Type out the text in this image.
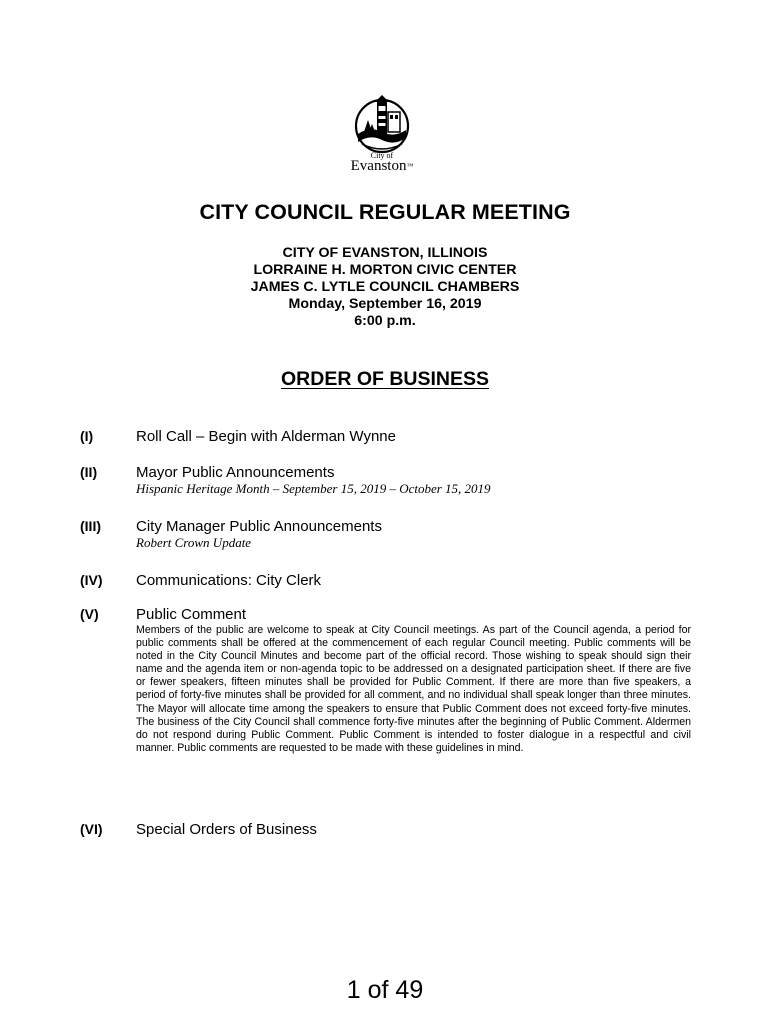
City of
Evanston™
CITY COUNCIL REGULAR MEETING
CITY OF EVANSTON, ILLINOIS
LORRAINE H. MORTON CIVIC CENTER
JAMES C. LYTLE COUNCIL CHAMBERS
Monday, September 16, 2019
6:00 p.m.
ORDER OF BUSINESS
(I)	Roll Call – Begin with Alderman Wynne
(II)	Mayor Public Announcements
Hispanic Heritage Month – September 15, 2019 – October 15, 2019
(III) City Manager Public Announcements
Robert Crown Update
(IV) Communications: City Clerk
(V) Public Comment
Members of the public are welcome to speak at City Council meetings. As part of the Council agenda, a period for public comments shall be offered at the commencement of each regular Council meeting. Public comments will be noted in the City Council Minutes and become part of the official record. Those wishing to speak should sign their name and the agenda item or non-agenda topic to be addressed on a designated participation sheet. If there are five or fewer speakers, fifteen minutes shall be provided for Public Comment. If there are more than five speakers, a period of forty-five minutes shall be provided for all comment, and no individual shall speak longer than three minutes. The Mayor will allocate time among the speakers to ensure that Public Comment does not exceed forty-five minutes. The business of the City Council shall commence forty-five minutes after the beginning of Public Comment. Aldermen do not respond during Public Comment. Public Comment is intended to foster dialogue in a respectful and civil manner. Public comments are requested to be made with these guidelines in mind.
(VI) Special Orders of Business
1 of 49
